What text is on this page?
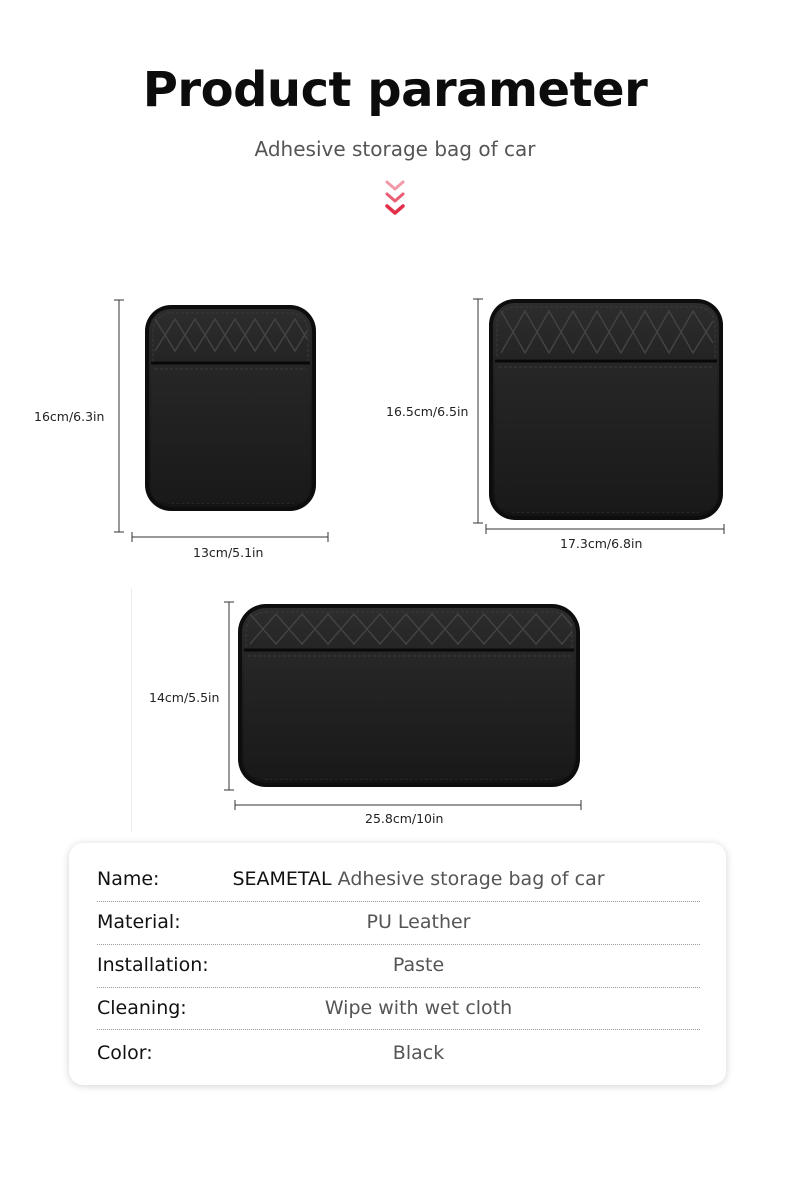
Product parameter
Adhesive storage bag of car
16cm/6.3in
13cm/5.1in
16.5cm/6.5in
17.3cm/6.8in
14cm/5.5in
25.8cm/10in
Name:	SEAMETAL Adhesive storage bag of car
Material:	PU Leather
Installation:	Paste
Cleaning:	Wipe with wet cloth
Color:	Black
